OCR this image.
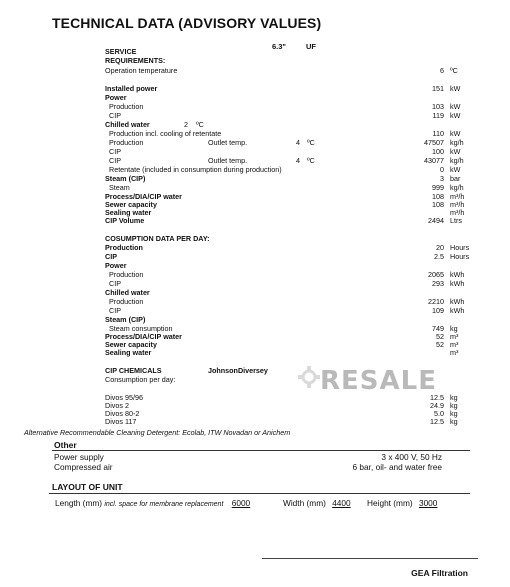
TECHNICAL DATA (ADVISORY VALUES)
6.3"	UF
SERVICE
REQUIREMENTS:
Operation temperature	6 ºC
Installed power	151 kW
Power
Production	103 kW
CIP	119 kW
Chilled water	2 ºC
Production incl. cooling of retentate	110 kW
Production	Outlet temp.	4 ºC	47507 kg/h
CIP	100 kW
CIP	Outlet temp.	4 ºC	43077 kg/h
Retentate (included in consumption during production)	0 kW
Steam (CIP)	3 bar
Steam	999 kg/h
Process/DIA/CIP water	108 m³/h
Sewer capacity	108 m³/h
Sealing water	m³/h
CIP Volume	2494 Ltrs
COSUMPTION DATA PER DAY:
Production	20 Hours
CIP	2.5 Hours
Power
Production	2065 kWh
CIP	293 kWh
Chilled water
Production	2210 kWh
CIP	109 kWh
Steam (CIP)
Steam consumption	749 kg
Process/DIA/CIP water	52 m³
Sewer capacity	52 m³
Sealing water	m³
RESALE
CIP CHEMICALS	JohnsonDiversey
Consumption per day:
Divos 95/96	12.5 kg
Divos 2	24.9 kg
Divos 80-2	5.0 kg
Divos 117	12.5 kg
Alternative Recommendable Cleaning Detergent: Ecolab, ITW Novadan or Anichem
Other
Power supply	3 x 400 V, 50 Hz
Compressed air	6 bar, oil- and water free
LAYOUT OF UNIT
Length (mm) incl. space for membrane replacement 6000	Width (mm) 4400 Height (mm) 3000
GEA Filtration
